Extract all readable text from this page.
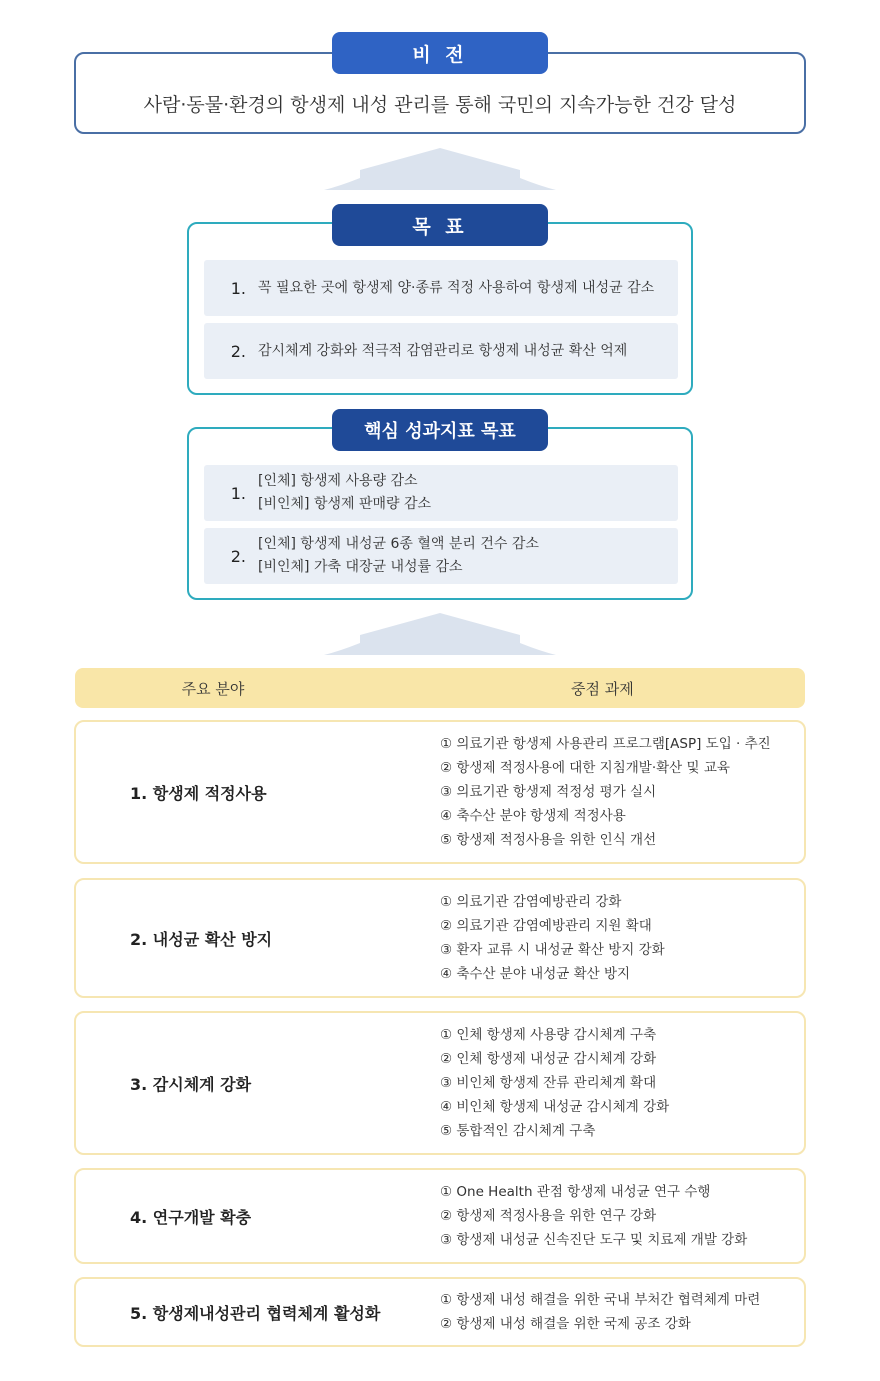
비 전
사람·동물·환경의 항생제 내성 관리를 통해 국민의 지속가능한 건강 달성
목 표
1. 꼭 필요한 곳에 항생제 양·종류 적정 사용하여 항생제 내성균 감소
2. 감시체계 강화와 적극적 감염관리로 항생제 내성균 확산 억제
핵심 성과지표 목표
1.
[인체] 항생제 사용량 감소
[비인체] 항생제 판매량 감소
2.
[인체] 항생제 내성균 6종 혈액 분리 건수 감소
[비인체] 가축 대장균 내성률 감소
주요 분야	중점 과제
1. 항생제 적정사용
① 의료기관 항생제 사용관리 프로그램[ASP] 도입 · 추진
② 항생제 적정사용에 대한 지침개발·확산 및 교육
③ 의료기관 항생제 적정성 평가 실시
④ 축수산 분야 항생제 적정사용
⑤ 항생제 적정사용을 위한 인식 개선
2. 내성균 확산 방지
① 의료기관 감염예방관리 강화
② 의료기관 감염예방관리 지원 확대
③ 환자 교류 시 내성균 확산 방지 강화
④ 축수산 분야 내성균 확산 방지
3. 감시체계 강화
① 인체 항생제 사용량 감시체계 구축
② 인체 항생제 내성균 감시체계 강화
③ 비인체 항생제 잔류 관리체계 확대
④ 비인체 항생제 내성균 감시체계 강화
⑤ 통합적인 감시체계 구축
4. 연구개발 확충
① One Health 관점 항생제 내성균 연구 수행
② 항생제 적정사용을 위한 연구 강화
③ 항생제 내성균 신속진단 도구 및 치료제 개발 강화
5. 항생제내성관리 협력체계 활성화
① 항생제 내성 해결을 위한 국내 부처간 협력체계 마련
② 항생제 내성 해결을 위한 국제 공조 강화
